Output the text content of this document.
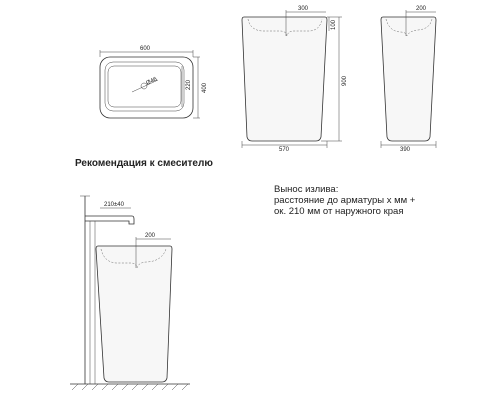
Ø46
600
220 400
300
100
900
570
200
390
210±40
200
Рекомендация к смесителю
Вынос излива:
расстояние до арматуры x мм +
ок. 210 мм от наружного края
